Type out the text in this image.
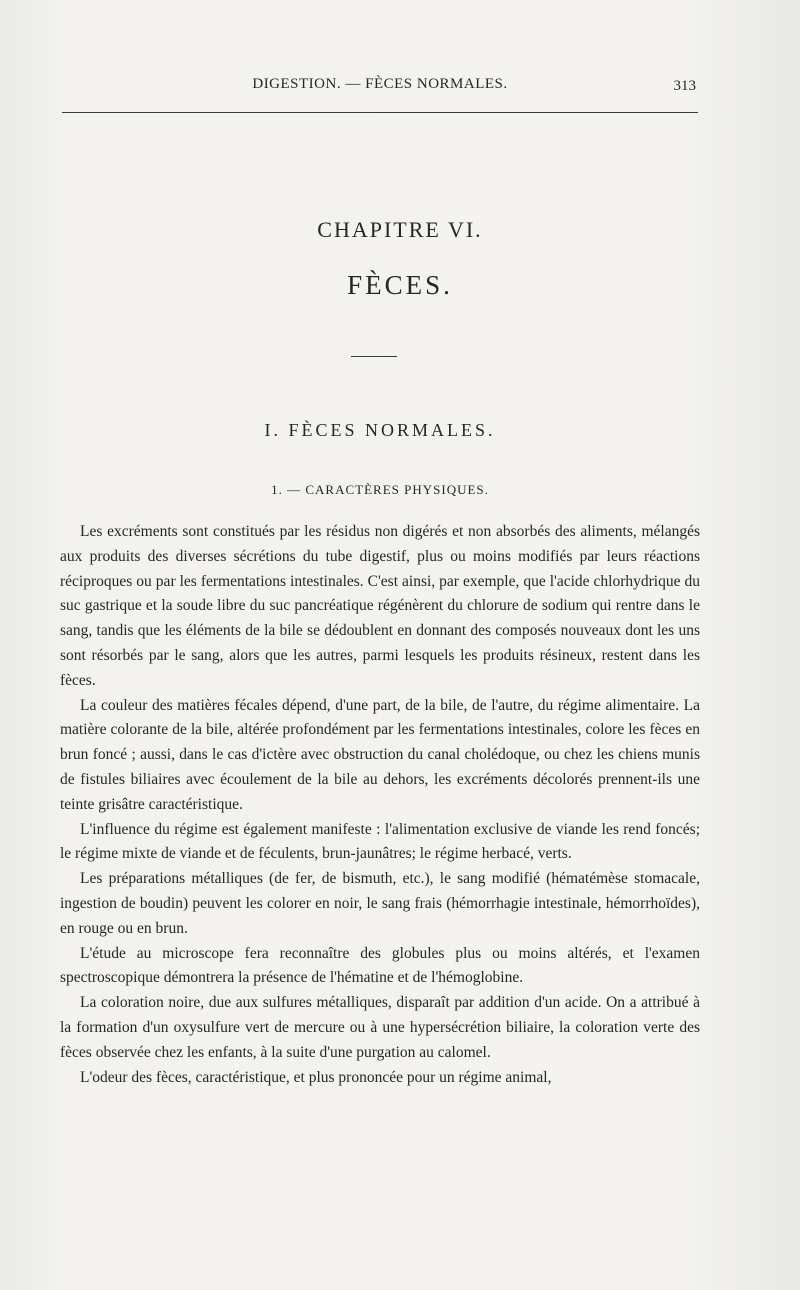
DIGESTION. — FÈCES NORMALES.	313
CHAPITRE VI.
FÈCES.
I. FÈCES NORMALES.
1. — CARACTÈRES PHYSIQUES.

Les excréments sont constitués par les résidus non digérés et non absorbés des aliments, mélangés aux produits des diverses sécrétions du tube digestif, plus ou moins modifiés par leurs réactions réciproques ou par les fermentations intestinales. C'est ainsi, par exemple, que l'acide chlorhydrique du suc gastrique et la soude libre du suc pancréatique régénèrent du chlorure de sodium qui rentre dans le sang, tandis que les éléments de la bile se dédoublent en donnant des composés nouveaux dont les uns sont résorbés par le sang, alors que les autres, parmi lesquels les produits résineux, restent dans les fèces.

La couleur des matières fécales dépend, d'une part, de la bile, de l'autre, du régime alimentaire. La matière colorante de la bile, altérée profondément par les fermentations intestinales, colore les fèces en brun foncé ; aussi, dans le cas d'ictère avec obstruction du canal cholédoque, ou chez les chiens munis de fistules biliaires avec écoulement de la bile au dehors, les excréments décolorés prennent-ils une teinte grisâtre caractéristique.

L'influence du régime est également manifeste : l'alimentation exclusive de viande les rend foncés; le régime mixte de viande et de féculents, brun-jaunâtres; le régime herbacé, verts.

Les préparations métalliques (de fer, de bismuth, etc.), le sang modifié (hématémèse stomacale, ingestion de boudin) peuvent les colorer en noir, le sang frais (hémorrhagie intestinale, hémorrhoïdes), en rouge ou en brun.

L'étude au microscope fera reconnaître des globules plus ou moins altérés, et l'examen spectroscopique démontrera la présence de l'hématine et de l'hémoglobine.

La coloration noire, due aux sulfures métalliques, disparaît par addition d'un acide. On a attribué à la formation d'un oxysulfure vert de mercure ou à une hypersécrétion biliaire, la coloration verte des fèces observée chez les enfants, à la suite d'une purgation au calomel.

L'odeur des fèces, caractéristique, et plus prononcée pour un régime animal,
